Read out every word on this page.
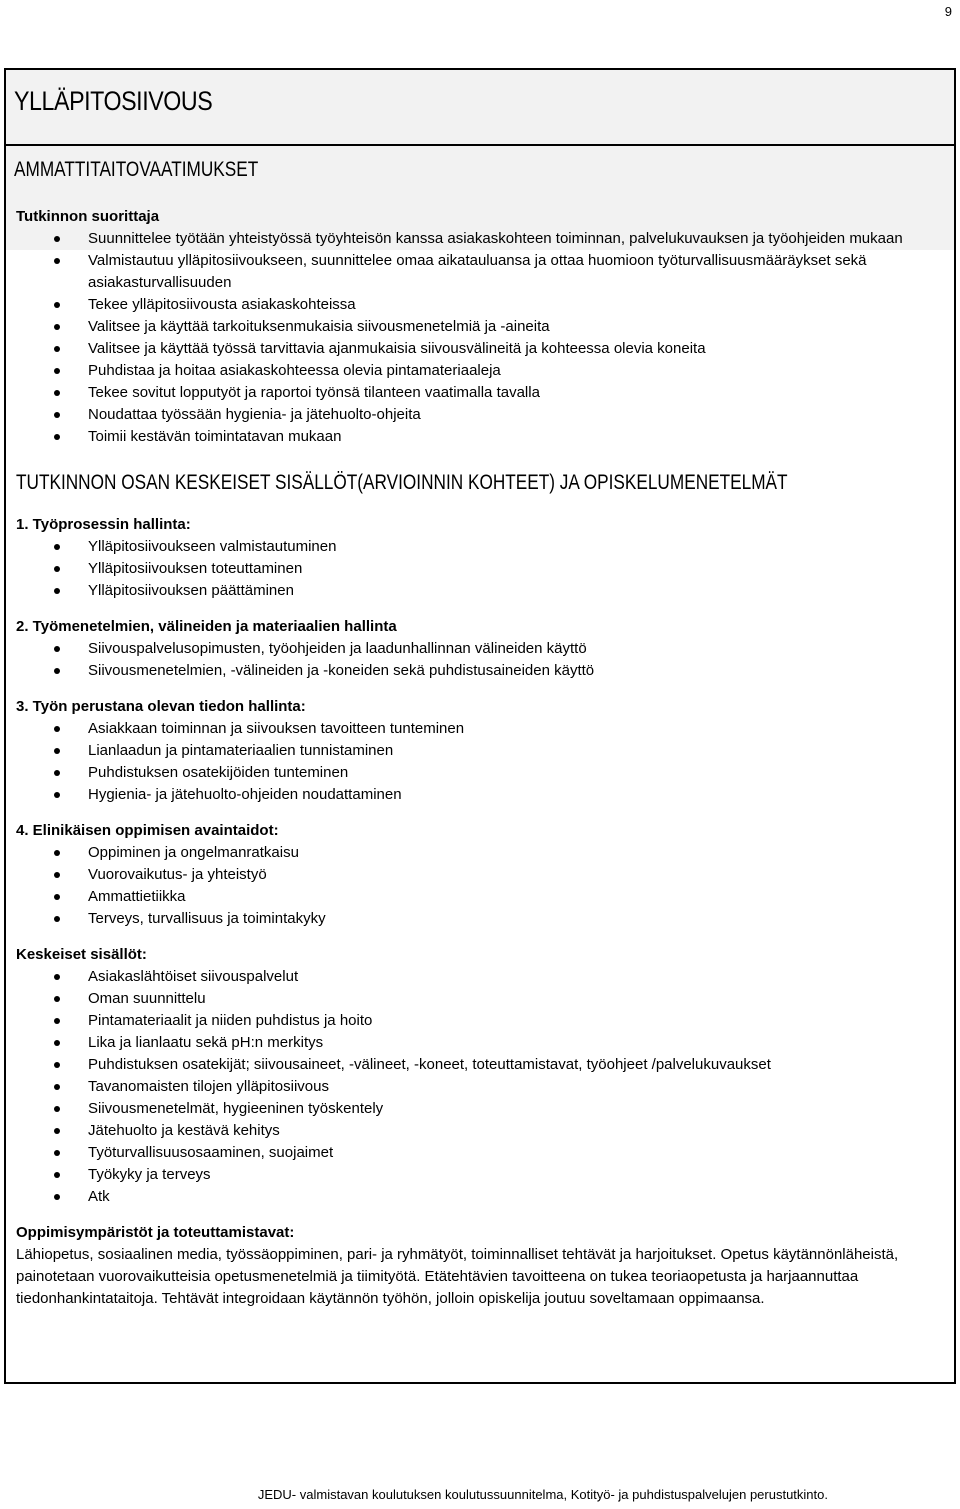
9
YLLÄPITOSIIVOUS
AMMATTITAITOVAATIMUKSET

Tutkinnon suorittaja

Suunnittelee työtään yhteistyössä työyhteisön kanssa asiakaskohteen toiminnan, palvelukuvauksen ja työohjeiden mukaan
Valmistautuu ylläpitosiivoukseen, suunnittelee omaa aikatauluansa ja ottaa huomioon työturvallisuusmääräykset sekä asiakasturvallisuuden
Tekee ylläpitosiivousta asiakaskohteissa
Valitsee ja käyttää tarkoituksenmukaisia siivousmenetelmiä ja -aineita
Valitsee ja käyttää työssä tarvittavia ajanmukaisia siivousvälineitä ja kohteessa olevia koneita
Puhdistaa ja hoitaa asiakaskohteessa olevia pintamateriaaleja
Tekee sovitut lopputyöt ja raportoi työnsä tilanteen vaatimalla tavalla
Noudattaa työssään hygienia- ja jätehuolto-ohjeita
Toimii kestävän toimintatavan mukaan
TUTKINNON OSAN KESKEISET SISÄLLÖT(ARVIOINNIN KOHTEET) JA OPISKELUMENETELMÄT

1. Työprosessin hallinta:

Ylläpitosiivoukseen valmistautuminen
Ylläpitosiivouksen toteuttaminen
Ylläpitosiivouksen päättäminen

2. Työmenetelmien, välineiden ja materiaalien hallinta

Siivouspalvelusopimusten, työohjeiden ja laadunhallinnan välineiden käyttö
Siivousmenetelmien, -välineiden ja -koneiden sekä puhdistusaineiden käyttö

3. Työn perustana olevan tiedon hallinta:

Asiakkaan toiminnan ja siivouksen tavoitteen tunteminen
Lianlaadun ja pintamateriaalien tunnistaminen
Puhdistuksen osatekijöiden tunteminen
Hygienia- ja jätehuolto-ohjeiden noudattaminen

4. Elinikäisen oppimisen avaintaidot:

Oppiminen ja ongelmanratkaisu
Vuorovaikutus- ja yhteistyö
Ammattietiikka
Terveys, turvallisuus ja toimintakyky

Keskeiset sisällöt:

Asiakaslähtöiset siivouspalvelut
Oman suunnittelu
Pintamateriaalit ja niiden puhdistus ja hoito
Lika ja lianlaatu sekä pH:n merkitys
Puhdistuksen osatekijät; siivousaineet, -välineet, -koneet, toteuttamistavat, työohjeet /palvelukuvaukset
Tavanomaisten tilojen ylläpitosiivous
Siivousmenetelmät, hygieeninen työskentely
Jätehuolto ja kestävä kehitys
Työturvallisuusosaaminen, suojaimet
Työkyky ja terveys
Atk

Oppimisympäristöt ja toteuttamistavat:

Lähiopetus, sosiaalinen media, työssäoppiminen, pari- ja ryhmätyöt, toiminnalliset tehtävät ja harjoitukset. Opetus käytännönläheistä, painotetaan vuorovaikutteisia opetusmenetelmiä ja tiimityötä. Etätehtävien tavoitteena on tukea teoriaopetusta ja harjaannuttaa tiedonhankintataitoja. Tehtävät integroidaan käytännön työhön, jolloin opiskelija joutuu soveltamaan oppimaansa.

JEDU- valmistavan koulutuksen koulutussuunnitelma, Kotityö- ja puhdistuspalvelujen perustutkinto.
